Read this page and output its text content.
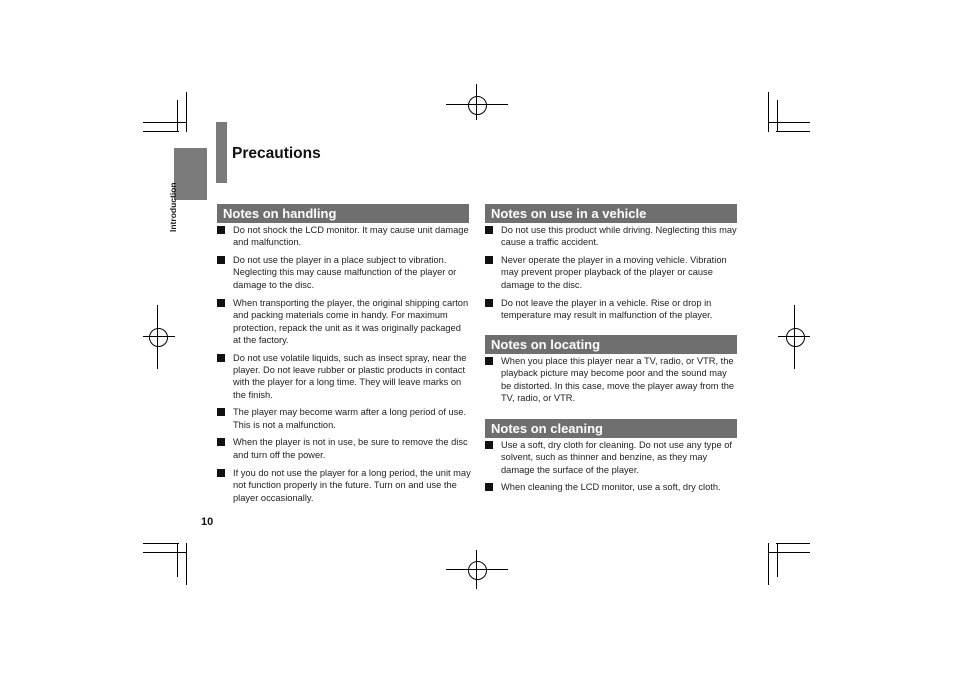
Introduction
Precautions
Notes on handling
Do not shock the LCD monitor. It may cause unit damage and malfunction.
Do not use the player in a place subject to vibration. Neglecting this may cause malfunction of the player or damage to the disc.
When transporting the player, the original shipping carton and packing materials come in handy. For maximum protection, repack the unit as it was originally packaged at the factory.
Do not use volatile liquids, such as insect spray, near the player. Do not leave rubber or plastic products in contact with the player for a long time. They will leave marks on the finish.
The player may become warm after a long period of use. This is not a malfunction.
When the player is not in use, be sure to remove the disc and turn off the power.
If you do not use the player for a long period, the unit may not function properly in the future. Turn on and use the player occasionally.
Notes on use in a vehicle
Do not use this product while driving. Neglecting this may cause a traffic accident.
Never operate the player in a moving vehicle. Vibration may prevent proper playback of the player or cause damage to the disc.
Do not leave the player in a vehicle. Rise or drop in temperature may result in malfunction of the player.
Notes on locating
When you place this player near a TV, radio, or VTR, the playback picture may become poor and the sound may be distorted. In this case, move the player away from the TV, radio, or VTR.
Notes on cleaning
Use a soft, dry cloth for cleaning. Do not use any type of solvent, such as thinner and benzine, as they may damage the surface of the player.
When cleaning the LCD monitor, use a soft, dry cloth.
10
